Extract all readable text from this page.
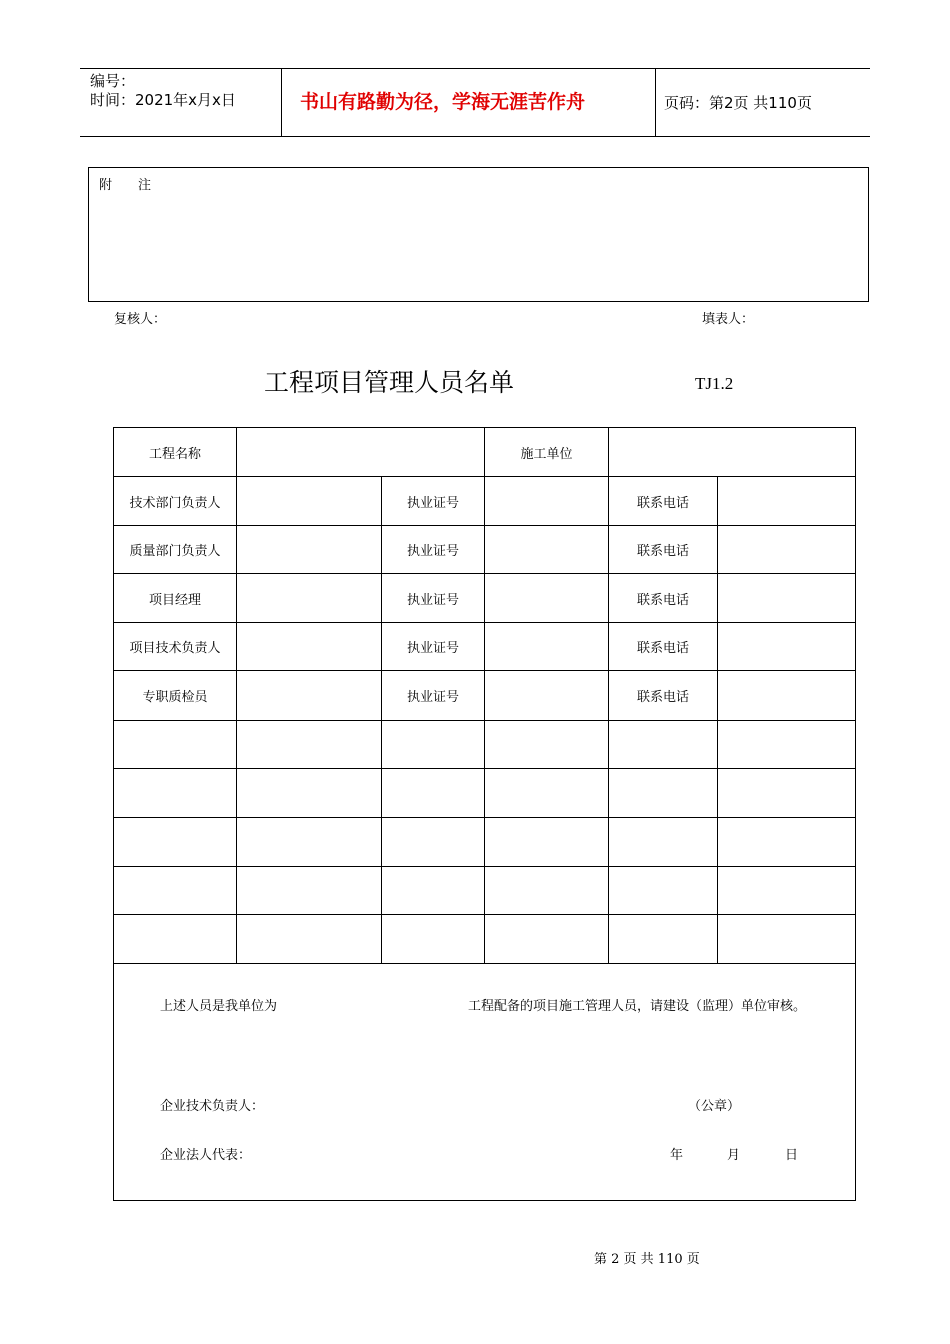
编号：
时间：2021年x月x日	书山有路勤为径，学海无涯苦作舟	页码：第2页 共110页
附　　注
复核人：	填表人：
工程项目管理人员名单	TJ1.2
工程名称			施工单位		
技术部门负责人		执业证号		联系电话	
质量部门负责人		执业证号		联系电话	
项目经理		执业证号		联系电话	
项目技术负责人		执业证号		联系电话	
专职质检员		执业证号		联系电话	

上述人员是我单位为	工程配备的项目施工管理人员，请建设（监理）单位审核。
企业技术负责人：	（公章）
企业法人代表：	年	月	日
第 2 页 共 110 页
